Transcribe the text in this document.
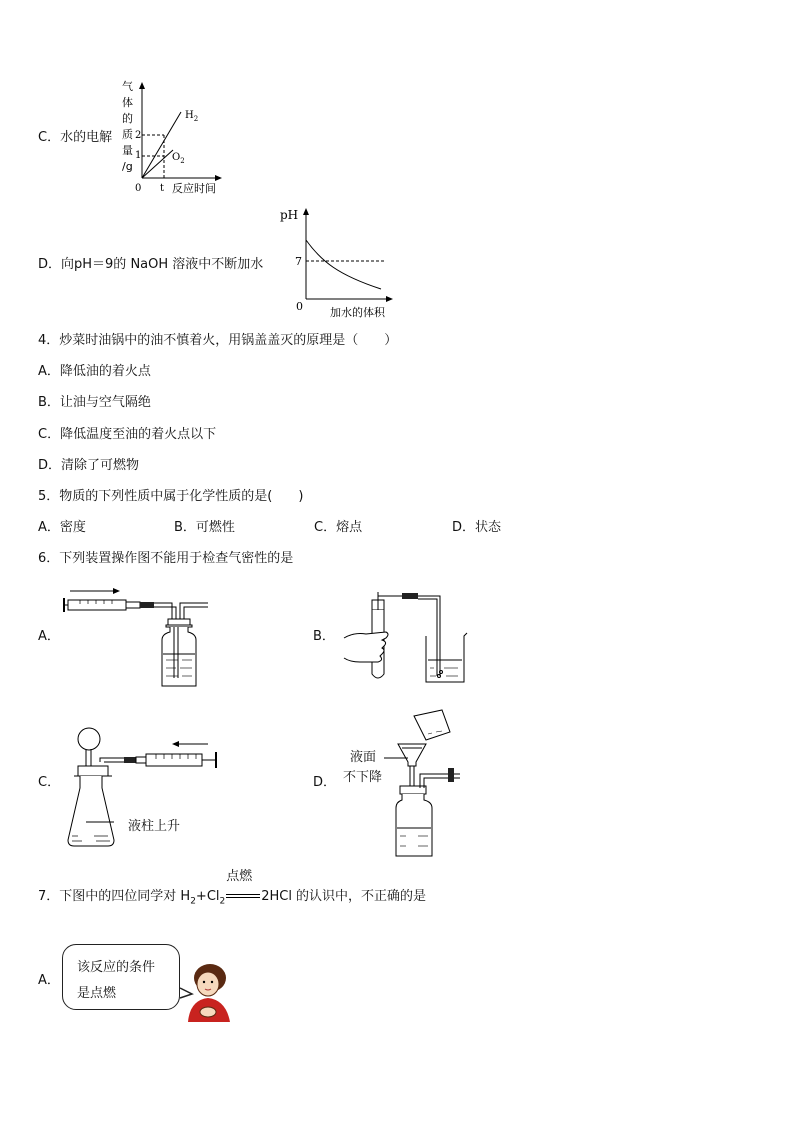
C．水的电解
气
体
的
质
量
/g
2
1
0 t 反应时间
$H_2$
$O_2$
D．向pH＝9的 NaOH 溶液中不断加水
pH
7
0 加水的体积
4．炒菜时油锅中的油不慎着火，用锅盖盖灭的原理是（　　）
A．降低油的着火点
B．让油与空气隔绝
C．降低温度至油的着火点以下
D．清除了可燃物
5．物质的下列性质中属于化学性质的是(　　)
A．密度	B．可燃性	C．熔点	D．状态
6．下列装置操作图不能用于检查气密性的是
A．	B．
C．
液柱上升
D．
液面
不下降
7．下图中的四位同学对 $H_2+Cl_2$
点燃
2HCl 的认识中，不正确的是
A．
该反应的条件
是点燃
